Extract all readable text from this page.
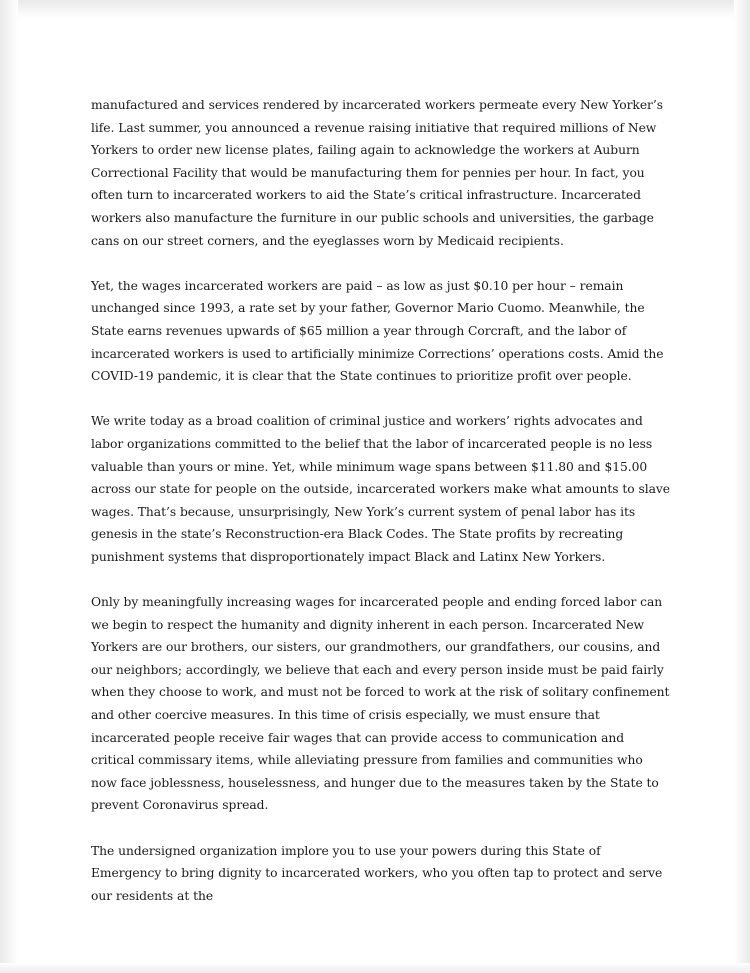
manufactured and services rendered by incarcerated workers permeate every New Yorker’s life. Last summer, you announced a revenue raising initiative that required millions of New Yorkers to order new license plates, failing again to acknowledge the workers at Auburn Correctional Facility that would be manufacturing them for pennies per hour. In fact, you often turn to incarcerated workers to aid the State’s critical infrastructure. Incarcerated workers also manufacture the furniture in our public schools and universities, the garbage cans on our street corners, and the eyeglasses worn by Medicaid recipients.

Yet, the wages incarcerated workers are paid – as low as just $0.10 per hour – remain unchanged since 1993, a rate set by your father, Governor Mario Cuomo. Meanwhile, the State earns revenues upwards of $65 million a year through Corcraft, and the labor of incarcerated workers is used to artificially minimize Corrections’ operations costs. Amid the COVID-19 pandemic, it is clear that the State continues to prioritize profit over people.

We write today as a broad coalition of criminal justice and workers’ rights advocates and labor organizations committed to the belief that the labor of incarcerated people is no less valuable than yours or mine. Yet, while minimum wage spans between $11.80 and $15.00 across our state for people on the outside, incarcerated workers make what amounts to slave wages. That’s because, unsurprisingly, New York’s current system of penal labor has its genesis in the state’s Reconstruction-era Black Codes. The State profits by recreating punishment systems that disproportionately impact Black and Latinx New Yorkers.

Only by meaningfully increasing wages for incarcerated people and ending forced labor can we begin to respect the humanity and dignity inherent in each person. Incarcerated New Yorkers are our brothers, our sisters, our grandmothers, our grandfathers, our cousins, and our neighbors; accordingly, we believe that each and every person inside must be paid fairly when they choose to work, and must not be forced to work at the risk of solitary confinement and other coercive measures. In this time of crisis especially, we must ensure that incarcerated people receive fair wages that can provide access to communication and critical commissary items, while alleviating pressure from families and communities who now face joblessness, houselessness, and hunger due to the measures taken by the State to prevent Coronavirus spread.

The undersigned organization implore you to use your powers during this State of Emergency to bring dignity to incarcerated workers, who you often tap to protect and serve our residents at the
